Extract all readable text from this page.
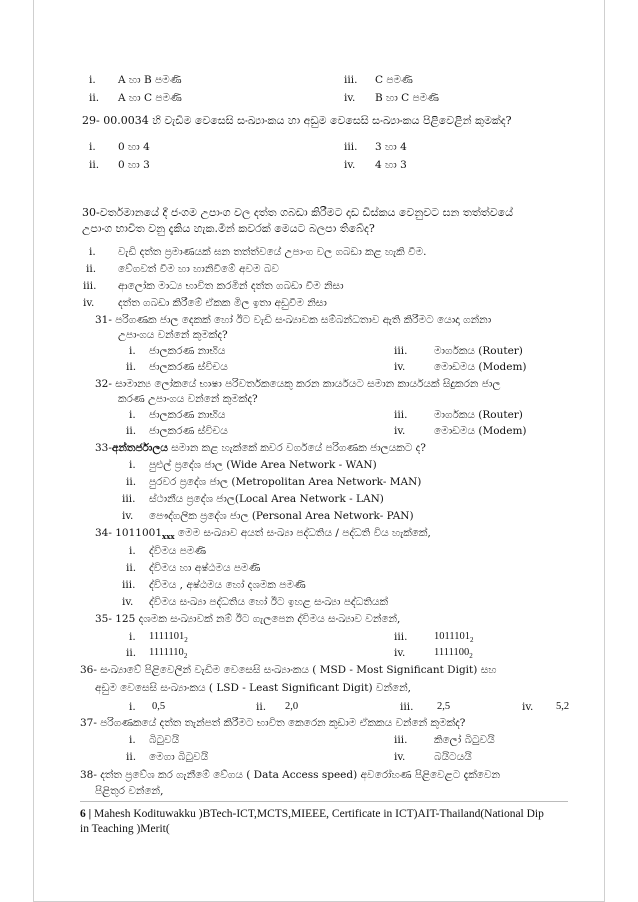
i. A හා B පමණි
ii. A හා C පමණි
iii. C පමණි
iv. B හා C පමණි
29- 00.0034 හි වැඩිම වෙසෙසි සංඛ්‍යාංකය හා අඩුම වෙසෙසි සංඛ්‍යාංකය පිළිවෙළින් කුමක්ද?
i. 0 හා 4
ii. 0 හා 3
iii. 3 හා 4
iv. 4 හා 3
30-වර්තමානයේ දී ජංගම උපාංග වල දත්ත ගබඩා කිරීමට දෘඩ ඩිස්කය වෙනුවට ඝන තත්ත්වයේ
උපාංග භාවිත වනු දැකිය හැක.මින් කවරක් මෙයට බලපා තිබේද?
i. වැඩි දත්ත ප්‍රමාණයක් ඝන තත්ත්වයේ උපාංග වල ගබඩා කළ හැකි වීම.
ii. වේගවත් වීම හා හානිවීමේ අවම බව
iii. ආලෝක මාධ්‍ය භාවිත කරමින් දත්ත ගබඩා වීම නිසා
iv. දත්ත ගබඩා කිරීමේ ඒකක මිල ඉතා අඩුවීම නිසා
31- පරිගණක ජාල දෙකක් හෝ ඊට වැඩි සංඛ්‍යාවක සම්බන්ධතාව ඇති කිරීමට යොදා ගන්නා
උපාංගය වන්නේ කුමක්ද?
i. ජාලකරණ නාභිය
ii. ජාලකරණ ස්විචය
iii.	මාර්ගකය (Router)
iv.	මොඩමය (Modem)
32- සාමාන්‍ය ලෝකයේ භාෂා පරිවර්තකයෙකු කරන කාර්යයට සමාන කාර්යයක් සිදුකරන ජාල
කරණ උපාංගය වන්නේ කුමක්ද?
i. ජාලකරණ නාභිය
ii. ජාලකරණ ස්විචය
iii.	මාර්ගකය (Router)
iv.	මොඩමය (Modem)
33-අන්තර්ජාලය සමාන කළ හැක්කේ කවර වර්ගයේ පරිගණක ජාලයකට ද?
i. පුළුල් ප්‍රදේශ ජාල (Wide Area Network - WAN)
ii. පුරවර ප්‍රදේශ ජාල (Metropolitan Area Network- MAN)
iii. ස්ථානීය ප්‍රදේශ ජාල(Local Area Network - LAN)
iv. පෞද්ගලික ප්‍රදේශ ජාල (Personal Area Network- PAN)
34- $1011001_{xxx}$ මෙම සංඛ්‍යාව අයත් සංඛ්‍යා පද්ධතිය / පද්ධති විය හැක්කේ,
i. ද්විමය පමණි
ii. ද්විමය හා අෂ්ඨමය පමණි
iii. ද්විමය , අෂ්ඨමය හෝ දශමක පමණි
iv. ද්විමය සංඛ්‍යා පද්ධතිය හෝ ඊට ඉහළ සංඛ්‍යා පද්ධතියක්
35- 125 දශමක සංඛ්‍යාවක් නම් ඊට ගැලපෙන ද්විමය සංඛ්‍යාව වන්නේ,
i. $1111101_2$
ii. $1111110_2$
iii.	$1011101_2$
iv.	$1111100_2$
36- සංඛ්‍යාවේ පිළිවෙලින් වැඩිම වෙසෙසි සංඛ්‍යාංකය ( MSD - Most Significant Digit) සහ
අඩුම වෙසෙසි සංඛ්‍යාංකය ( LSD - Least Significant Digit) වන්නේ,
i. 0,5	ii. 2,0	iii. 2,5	iv. 5,2
37- පරිගණකයේ දත්ත තැන්පත් කිරීමට භාවිත කෙරෙන කුඩාම ඒකකය වන්නේ කුමක්ද?
i. බිටුවයි
ii. මෙගා බිටුවයි
iii.	කිලෝ බිටුවයි
iv.	බයිටයයි
38- දත්ත ප්‍රවේශ කර ගැනීමේ වේගය ( Data Access speed) අවරෝහණ පිළිවෙළට දැක්වෙන
පිළිතුර වන්නේ,
6 | Mahesh Kodituwakku )BTech-ICT,MCTS,MIEEE, Certificate in ICT)AIT-Thailand(National Dip
in Teaching )Merit(
